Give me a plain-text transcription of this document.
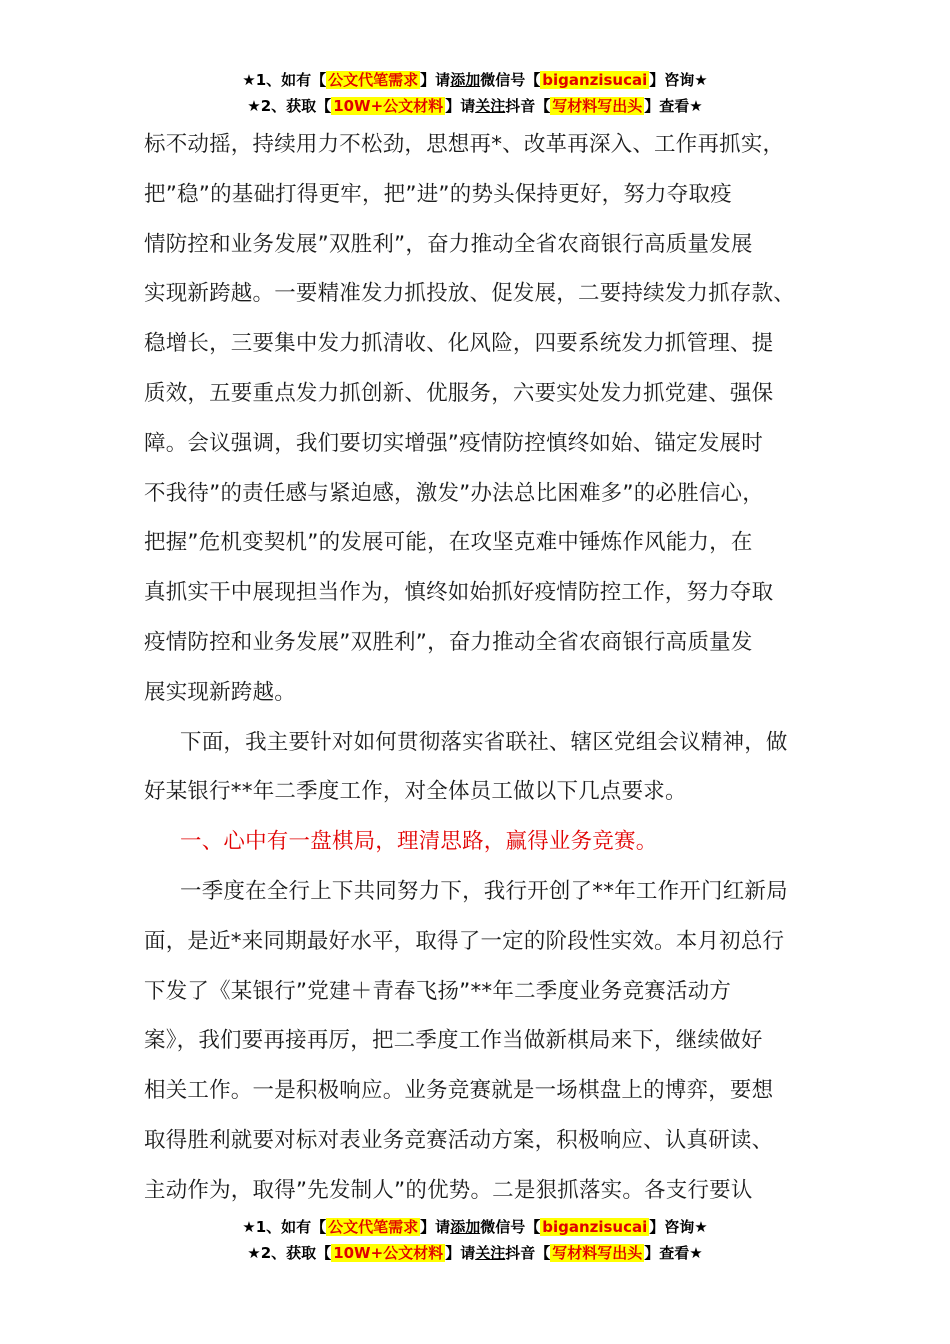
★1、如有【 公文代笔需求 】请添加微信号【 biganzisucai 】咨询★
★2、获取【 10W+公文材料 】请关注抖音【 写材料写出头 】查看★

标不动摇，持续用力不松劲，思想再*、改革再深入、工作再抓实，

把”稳”的基础打得更牢，把”进”的势头保持更好，努力夺取疫

情防控和业务发展”双胜利”，奋力推动全省农商银行高质量发展

实现新跨越。一要精准发力抓投放、促发展，二要持续发力抓存款、

稳增长，三要集中发力抓清收、化风险，四要系统发力抓管理、提

质效，五要重点发力抓创新、优服务，六要实处发力抓党建、强保

障。会议强调，我们要切实增强”疫情防控慎终如始、锚定发展时

不我待”的责任感与紧迫感，激发”办法总比困难多”的必胜信心，

把握”危机变契机”的发展可能，在攻坚克难中锤炼作风能力，在

真抓实干中展现担当作为，慎终如始抓好疫情防控工作，努力夺取

疫情防控和业务发展”双胜利”，奋力推动全省农商银行高质量发

展实现新跨越。

下面，我主要针对如何贯彻落实省联社、辖区党组会议精神，做

好某银行**年二季度工作，对全体员工做以下几点要求。

一、心中有一盘棋局，理清思路，赢得业务竞赛。

一季度在全行上下共同努力下，我行开创了**年工作开门红新局

面，是近*来同期最好水平，取得了一定的阶段性实效。本月初总行

下发了《某银行”党建＋青春飞扬”**年二季度业务竞赛活动方

案》，我们要再接再厉，把二季度工作当做新棋局来下，继续做好

相关工作。一是积极响应。业务竞赛就是一场棋盘上的博弈，要想

取得胜利就要对标对表业务竞赛活动方案，积极响应、认真研读、

主动作为，取得”先发制人”的优势。二是狠抓落实。各支行要认

★1、如有【 公文代笔需求 】请添加微信号【 biganzisucai 】咨询★
★2、获取【 10W+公文材料 】请关注抖音【 写材料写出头 】查看★
